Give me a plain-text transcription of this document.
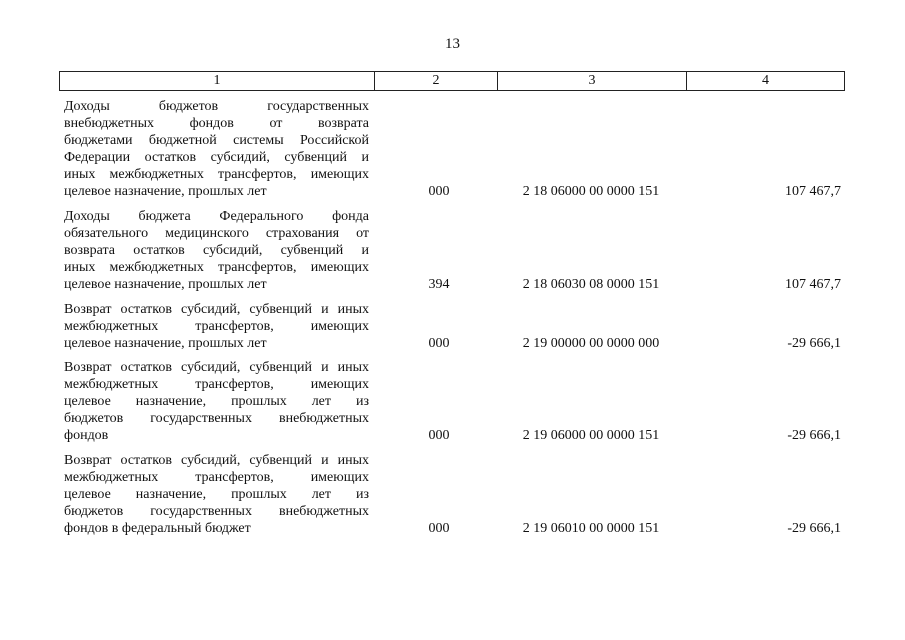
13
1	2	3	4
Доходы бюджетов государственных
внебюджетных фондов от возврата
бюджетами бюджетной системы Российской
Федерации остатков субсидий, субвенций и
иных межбюджетных трансфертов, имеющих
целевое назначение, прошлых лет	000	2 18 06000 00 0000 151	107 467,7
Доходы бюджета Федерального фонда
обязательного медицинского страхования от
возврата остатков субсидий, субвенций и
иных межбюджетных трансфертов, имеющих
целевое назначение, прошлых лет	394	2 18 06030 08 0000 151	107 467,7
Возврат остатков субсидий, субвенций и иных
межбюджетных трансфертов, имеющих
целевое назначение, прошлых лет	000	2 19 00000 00 0000 000	-29 666,1
Возврат остатков субсидий, субвенций и иных
межбюджетных трансфертов, имеющих
целевое назначение, прошлых лет из
бюджетов государственных внебюджетных
фондов	000	2 19 06000 00 0000 151	-29 666,1
Возврат остатков субсидий, субвенций и иных
межбюджетных трансфертов, имеющих
целевое назначение, прошлых лет из
бюджетов государственных внебюджетных
фондов в федеральный бюджет	000	2 19 06010 00 0000 151	-29 666,1
